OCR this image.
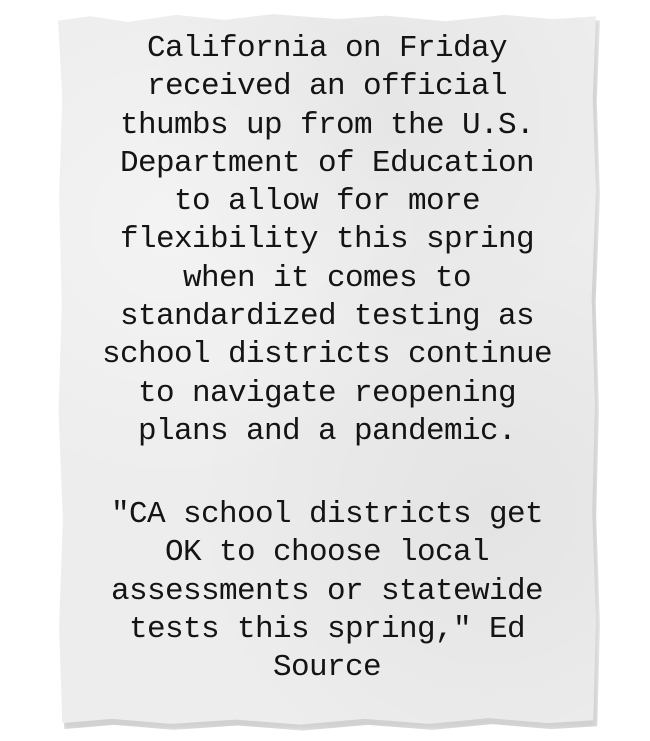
California on Friday
received an official
thumbs up from the U.S.
Department of Education
to allow for more
flexibility this spring
when it comes to
standardized testing as
school districts continue
to navigate reopening
plans and a pandemic.
"CA school districts get
OK to choose local
assessments or statewide
tests this spring," Ed
Source
